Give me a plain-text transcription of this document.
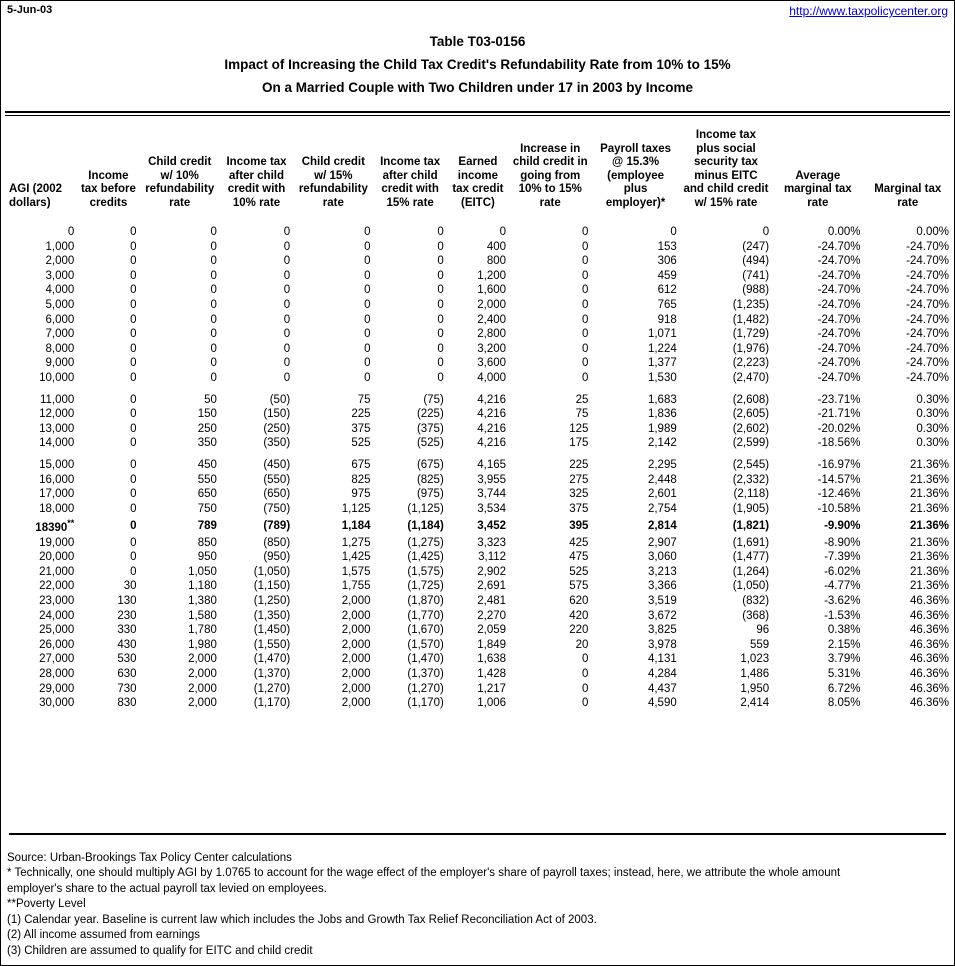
5-Jun-03	http://www.taxpolicycenter.org
Table T03-0156
Impact of Increasing the Child Tax Credit's Refundability Rate from 10% to 15%
On a Married Couple with Two Children under 17 in 2003 by Income
AGI (2002 dollars)	Income tax before credits	Child credit w/ 10% refundability rate	Income tax after child credit with 10% rate	Child credit w/ 15% refundability rate	Income tax after child credit with 15% rate	Earned income tax credit (EITC)	Increase in child credit in going from 10% to 15% rate	Payroll taxes @ 15.3% (employee plus employer)*	Income tax plus social security tax minus EITC and child credit w/ 15% rate	Average marginal tax rate	Marginal tax rate

0	0	0	0	0	0	0	0	0	0	0.00%	0.00%
1,000	0	0	0	0	0	400	0	153	(247)	-24.70%	-24.70%
2,000	0	0	0	0	0	800	0	306	(494)	-24.70%	-24.70%
3,000	0	0	0	0	0	1,200	0	459	(741)	-24.70%	-24.70%
4,000	0	0	0	0	0	1,600	0	612	(988)	-24.70%	-24.70%
5,000	0	0	0	0	0	2,000	0	765	(1,235)	-24.70%	-24.70%
6,000	0	0	0	0	0	2,400	0	918	(1,482)	-24.70%	-24.70%
7,000	0	0	0	0	0	2,800	0	1,071	(1,729)	-24.70%	-24.70%
8,000	0	0	0	0	0	3,200	0	1,224	(1,976)	-24.70%	-24.70%
9,000	0	0	0	0	0	3,600	0	1,377	(2,223)	-24.70%	-24.70%
10,000	0	0	0	0	0	4,000	0	1,530	(2,470)	-24.70%	-24.70%

11,000	0	50	(50)	75	(75)	4,216	25	1,683	(2,608)	-23.71%	0.30%
12,000	0	150	(150)	225	(225)	4,216	75	1,836	(2,605)	-21.71%	0.30%
13,000	0	250	(250)	375	(375)	4,216	125	1,989	(2,602)	-20.02%	0.30%
14,000	0	350	(350)	525	(525)	4,216	175	2,142	(2,599)	-18.56%	0.30%

15,000	0	450	(450)	675	(675)	4,165	225	2,295	(2,545)	-16.97%	21.36%
16,000	0	550	(550)	825	(825)	3,955	275	2,448	(2,332)	-14.57%	21.36%
17,000	0	650	(650)	975	(975)	3,744	325	2,601	(2,118)	-12.46%	21.36%
18,000	0	750	(750)	1,125	(1,125)	3,534	375	2,754	(1,905)	-10.58%	21.36%
18390**	0	789	(789)	1,184	(1,184)	3,452	395	2,814	(1,821)	-9.90%	21.36%
19,000	0	850	(850)	1,275	(1,275)	3,323	425	2,907	(1,691)	-8.90%	21.36%
20,000	0	950	(950)	1,425	(1,425)	3,112	475	3,060	(1,477)	-7.39%	21.36%
21,000	0	1,050	(1,050)	1,575	(1,575)	2,902	525	3,213	(1,264)	-6.02%	21.36%
22,000	30	1,180	(1,150)	1,755	(1,725)	2,691	575	3,366	(1,050)	-4.77%	21.36%
23,000	130	1,380	(1,250)	2,000	(1,870)	2,481	620	3,519	(832)	-3.62%	46.36%
24,000	230	1,580	(1,350)	2,000	(1,770)	2,270	420	3,672	(368)	-1.53%	46.36%
25,000	330	1,780	(1,450)	2,000	(1,670)	2,059	220	3,825	96	0.38%	46.36%
26,000	430	1,980	(1,550)	2,000	(1,570)	1,849	20	3,978	559	2.15%	46.36%
27,000	530	2,000	(1,470)	2,000	(1,470)	1,638	0	4,131	1,023	3.79%	46.36%
28,000	630	2,000	(1,370)	2,000	(1,370)	1,428	0	4,284	1,486	5.31%	46.36%
29,000	730	2,000	(1,270)	2,000	(1,270)	1,217	0	4,437	1,950	6.72%	46.36%
30,000	830	2,000	(1,170)	2,000	(1,170)	1,006	0	4,590	2,414	8.05%	46.36%
Source: Urban-Brookings Tax Policy Center calculations
* Technically, one should multiply AGI by 1.0765 to account for the wage effect of the employer's share of payroll taxes; instead, here, we attribute the whole amount
employer's share to the actual payroll tax levied on employees.
**Poverty Level
(1) Calendar year. Baseline is current law which includes the Jobs and Growth Tax Relief Reconciliation Act of 2003.
(2) All income assumed from earnings
(3) Children are assumed to qualify for EITC and child credit
